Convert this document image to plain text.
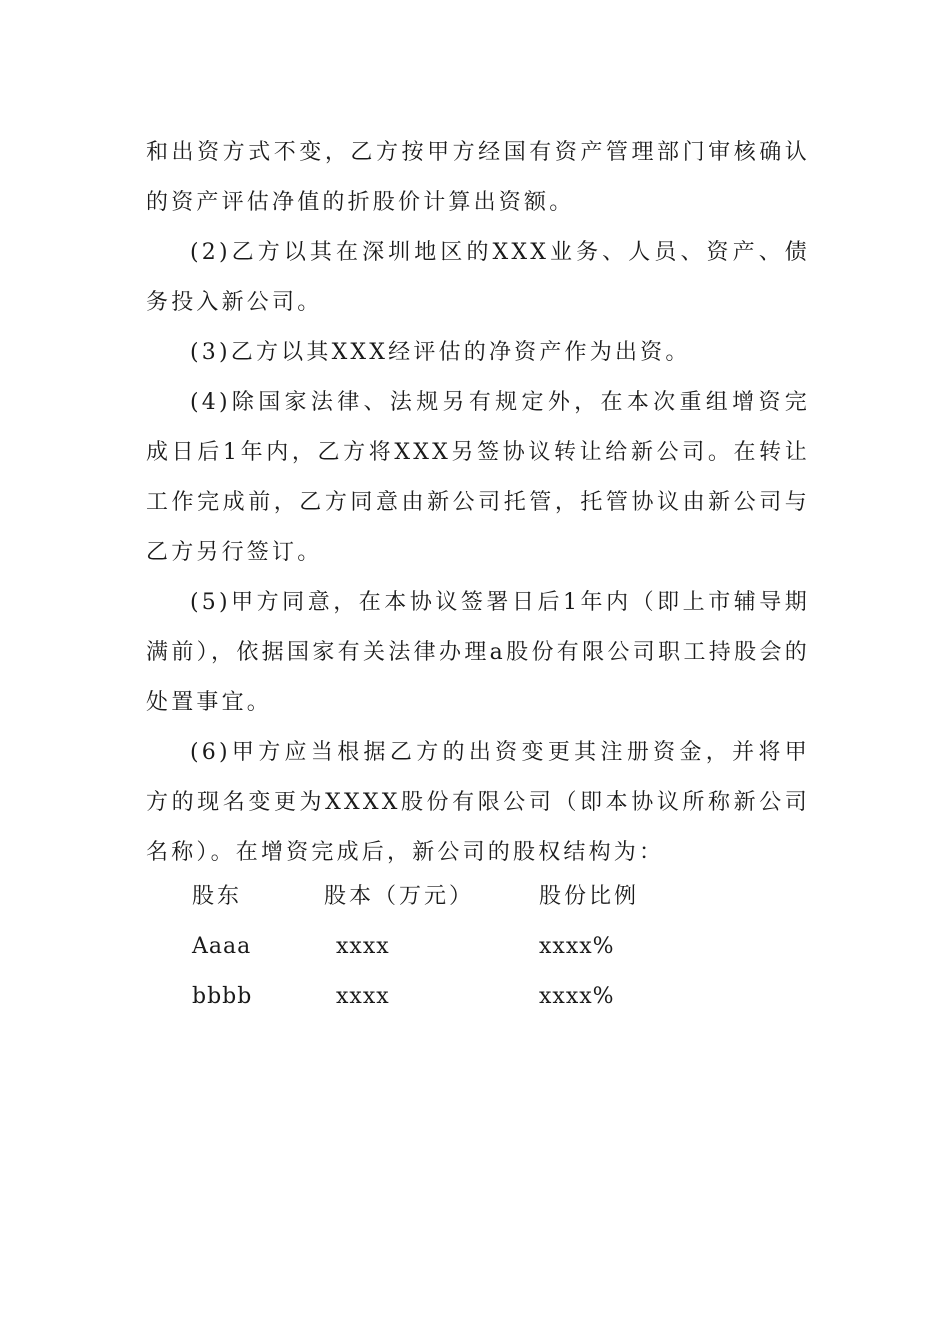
和出资方式不变，乙方按甲方经国有资产管理部门审核确认的资产评估净值的折股价计算出资额。

(2)乙方以其在深圳地区的XXX业务、人员、资产、债务投入新公司。

(3)乙方以其XXX经评估的净资产作为出资。

(4)除国家法律、法规另有规定外，在本次重组增资完成日后1年内，乙方将XXX另签协议转让给新公司。在转让工作完成前，乙方同意由新公司托管，托管协议由新公司与乙方另行签订。

(5)甲方同意，在本协议签署日后1年内（即上市辅导期满前），依据国家有关法律办理a股份有限公司职工持股会的处置事宜。

(6)甲方应当根据乙方的出资变更其注册资金，并将甲方的现名变更为XXXX股份有限公司（即本协议所称新公司名称）。在增资完成后，新公司的股权结构为：

股东	股本（万元）	股份比例
Aaaa	xxxx	xxxx%
bbbb	xxxx	xxxx%
